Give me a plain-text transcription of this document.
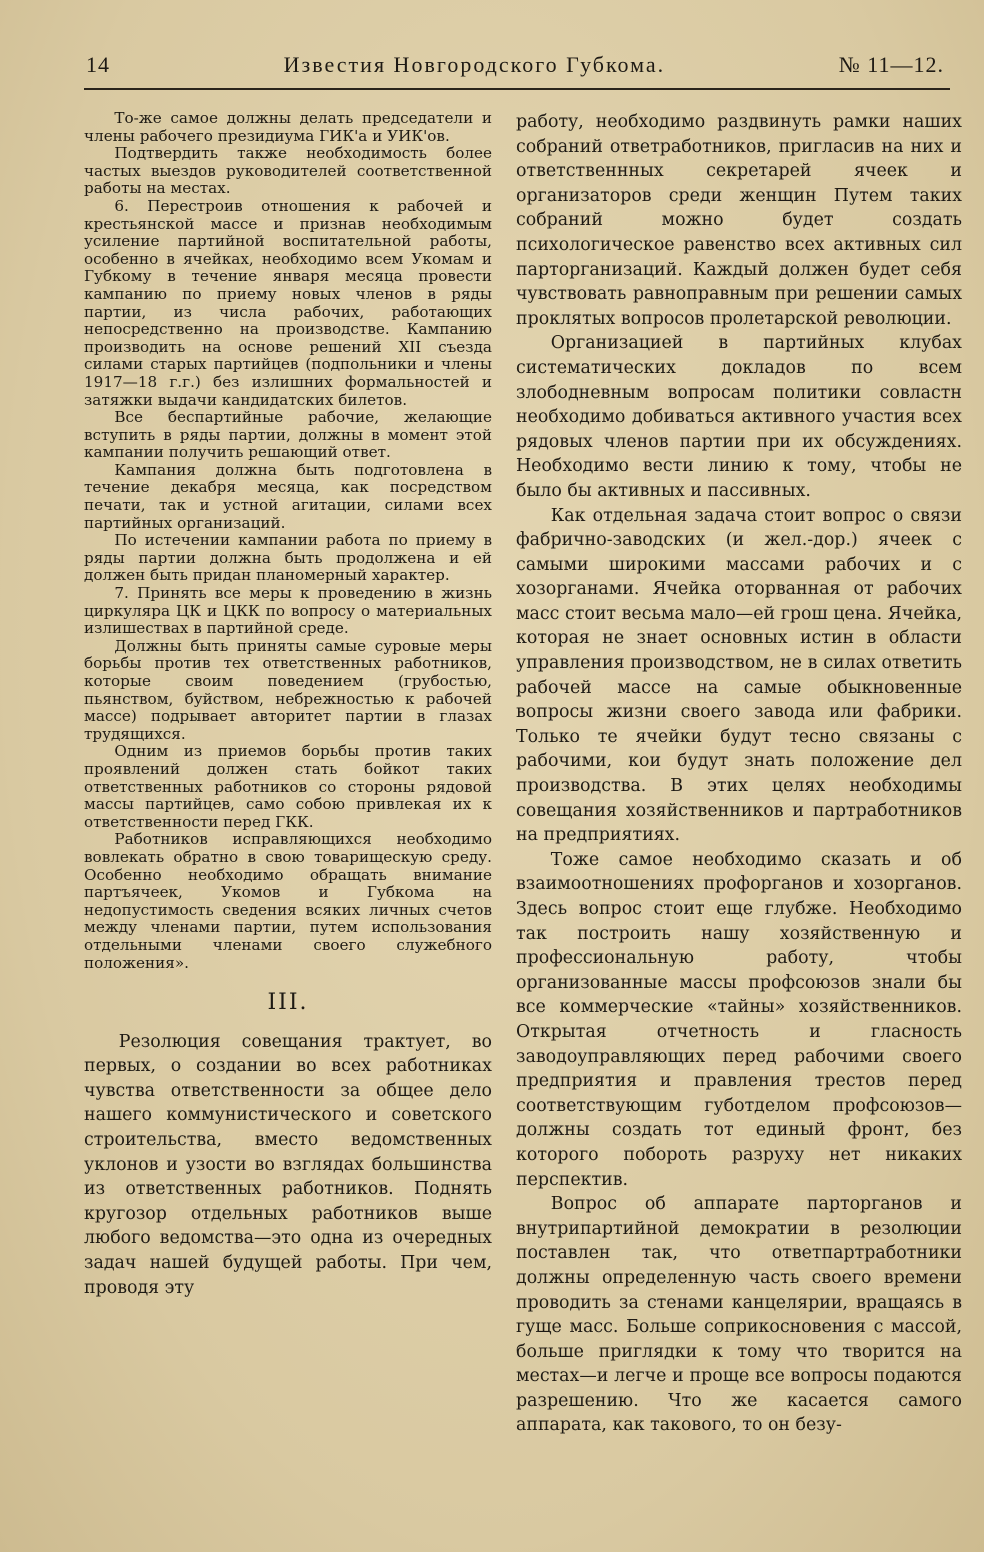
14	Известия Новгородского Губкома.	№ 11—12.

То-же самое должны делать председатели и члены рабочего президиума ГИК'а и УИК'ов.

Подтвердить также необходимость более частых выездов руководителей соответственной работы на местах.

6. Перестроив отношения к рабочей и крестьянской массе и признав необходимым усиление партийной воспитательной работы, особенно в ячейках, необходимо всем Укомам и Губкому в течение января месяца провести кампанию по приему новых членов в ряды партии, из числа рабочих, работающих непосредственно на производстве. Кампанию производить на основе решений XII съезда силами старых партийцев (подпольники и члены 1917—18 г.г.) без излишних формальностей и затяжки выдачи кандидатских билетов.

Все беспартийные рабочие, желающие вступить в ряды партии, должны в момент этой кампании получить решающий ответ.

Кампания должна быть подготовлена в течение декабря месяца, как посредством печати, так и устной агитации, силами всех партийных организаций.

По истечении кампании работа по приему в ряды партии должна быть продолжена и ей должен быть придан планомерный характер.

7. Принять все меры к проведению в жизнь циркуляра ЦК и ЦКК по вопросу о материальных излишествах в партийной среде.

Должны быть приняты самые суровые меры борьбы против тех ответственных работников, которые своим поведением (грубостью, пьянством, буйством, небрежностью к рабочей массе) подрывает авторитет партии в глазах трудящихся.

Одним из приемов борьбы против таких проявлений должен стать бойкот таких ответственных работников со стороны рядовой массы партийцев, само собою привлекая их к ответственности перед ГКК.

Работников исправляющихся необходимо вовлекать обратно в свою товарищескую среду. Особенно необходимо обращать внимание партъячеек, Укомов и Губкома на недопустимость сведения всяких личных счетов между членами партии, путем использования отдельными членами своего служебного положения».

III.

Резолюция совещания трактует, во первых, о создании во всех работниках чувства ответственности за общее дело нашего коммунистического и советского строительства, вместо ведомственных уклонов и узости во взглядах большинства из ответственных работников. Поднять кругозор отдельных работников выше любого ведомства—это одна из очередных задач нашей будущей работы. При чем, проводя эту

работу, необходимо раздвинуть рамки наших собраний ответработников, пригласив на них и ответственнных секретарей ячеек и организаторов среди женщин Путем таких собраний можно будет создать психологическое равенство всех активных сил парторганизаций. Каждый должен будет себя чувствовать равноправным при решении самых проклятых вопросов пролетарской революции.

Организацией в партийных клубах систематических докладов по всем злободневным вопросам политики совластн необходимо добиваться активного участия всех рядовых членов партии при их обсуждениях. Необходимо вести линию к тому, чтобы не было бы активных и пассивных.

Как отдельная задача стоит вопрос о связи фабрично-заводских (и жел.-дор.) ячеек с самыми широкими массами рабочих и с хозорганами. Ячейка оторванная от рабочих масс стоит весьма мало—ей грош цена. Ячейка, которая не знает основных истин в области управления производством, не в силах ответить рабочей массе на самые обыкновенные вопросы жизни своего завода или фабрики. Только те ячейки будут тесно связаны с рабочими, кои будут знать положение дел производства. В этих целях необходимы совещания хозяйственников и партработников на предприятиях.

Тоже самое необходимо сказать и об взаимоотношениях профорганов и хозорганов. Здесь вопрос стоит еще глубже. Необходимо так построить нашу хозяйственную и профессиональную работу, чтобы организованные массы профсоюзов знали бы все коммерческие «тайны» хозяйственников. Открытая отчетность и гласность заводоуправляющих перед рабочими своего предприятия и правления трестов перед соответствующим губотделом профсоюзов—должны создать тот единый фронт, без которого побороть разруху нет никаких перспектив.

Вопрос об аппарате парторганов и внутрипартийной демократии в резолюции поставлен так, что ответпартработники должны определенную часть своего времени проводить за стенами канцелярии, вращаясь в гуще масс. Больше соприкосновения с массой, больше приглядки к тому что творится на местах—и легче и проще все вопросы подаются разрешению. Что же касается самого аппарата, как такового, то он безу-
